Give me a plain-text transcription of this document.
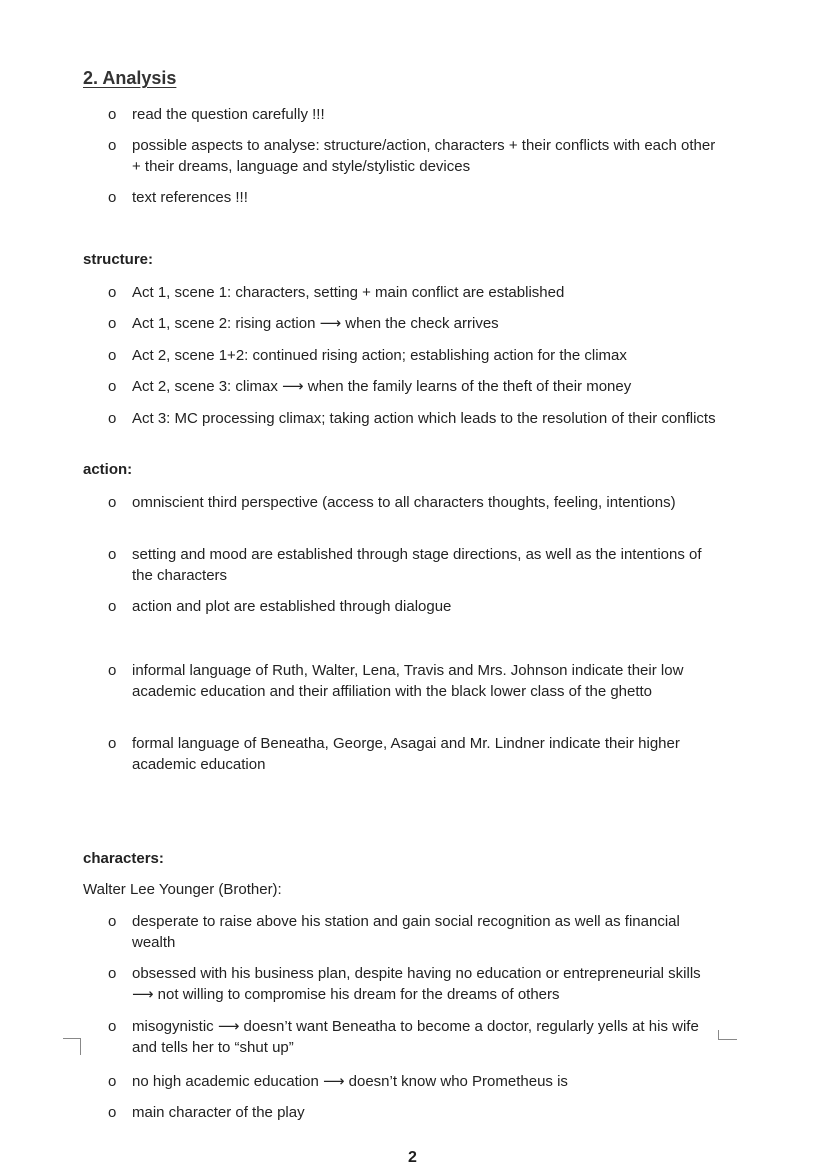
2. Analysis
o read the question carefully !!!
o possible aspects to analyse: structure/action, characters + their conflicts with each other + their dreams, language and style/stylistic devices
o text references !!!
structure:
o Act 1, scene 1: characters, setting + main conflict are established
o Act 1, scene 2: rising action ⟶ when the check arrives
o Act 2, scene 1+2: continued rising action; establishing action for the climax
o Act 2, scene 3: climax ⟶ when the family learns of the theft of their money
o Act 3: MC processing climax; taking action which leads to the resolution of their conflicts
action:
o omniscient third perspective (access to all characters thoughts, feeling, intentions)
o setting and mood are established through stage directions, as well as the intentions of the characters
o action and plot are established through dialogue
o informal language of Ruth, Walter, Lena, Travis and Mrs. Johnson indicate their low academic education and their affiliation with the black lower class of the ghetto
o formal language of Beneatha, George, Asagai and Mr. Lindner indicate their higher academic education
characters:
Walter Lee Younger (Brother):
o desperate to raise above his station and gain social recognition as well as financial wealth
o obsessed with his business plan, despite having no education or entrepreneurial skills ⟶ not willing to compromise his dream for the dreams of others
o misogynistic ⟶ doesn’t want Beneatha to become a doctor, regularly yells at his wife and tells her to “shut up”
o no high academic education ⟶ doesn’t know who Prometheus is
o main character of the play
2
